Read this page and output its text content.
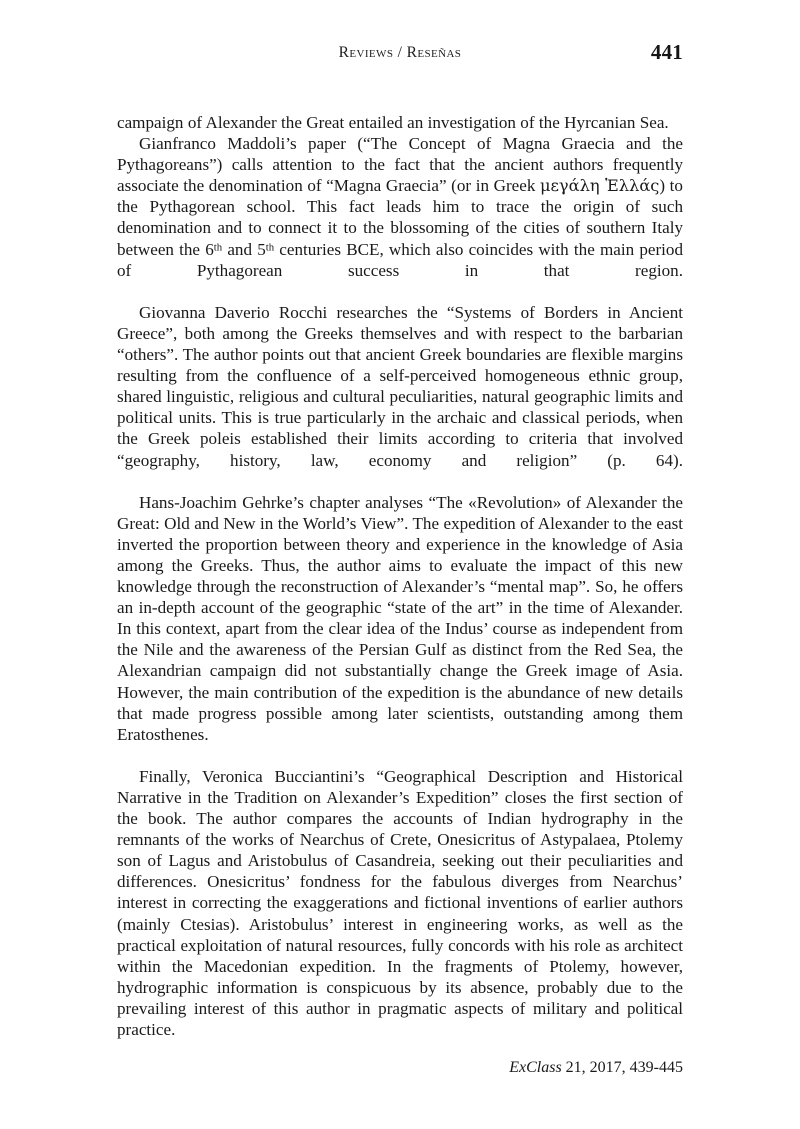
Reviews / Reseñas	441

campaign of Alexander the Great entailed an investigation of the Hyrcanian Sea.

Gianfranco Maddoli’s paper (“The Concept of Magna Graecia and the Pythagoreans”) calls attention to the fact that the ancient authors frequently associate the denomination of “Magna Graecia” (or in Greek μεγάλη Ἑλλάς) to the Pythagorean school. This fact leads him to trace the origin of such denomination and to connect it to the blossoming of the cities of southern Italy between the 6th and 5th centuries BCE, which also coincides with the main period of Pythagorean success in that region.

Giovanna Daverio Rocchi researches the “Systems of Borders in Ancient Greece”, both among the Greeks themselves and with respect to the barbarian “others”. The author points out that ancient Greek boundaries are flexible margins resulting from the confluence of a self-perceived homogeneous ethnic group, shared linguistic, religious and cultural peculiarities, natural geographic limits and political units. This is true particularly in the archaic and classical periods, when the Greek poleis established their limits according to criteria that involved “geography, history, law, economy and religion” (p. 64).

Hans-Joachim Gehrke’s chapter analyses “The «Revolution» of Alexander the Great: Old and New in the World’s View”. The expedition of Alexander to the east inverted the proportion between theory and experience in the knowledge of Asia among the Greeks. Thus, the author aims to evaluate the impact of this new knowledge through the reconstruction of Alexander’s “mental map”. So, he offers an in-depth account of the geographic “state of the art” in the time of Alexander. In this context, apart from the clear idea of the Indus’ course as independent from the Nile and the awareness of the Persian Gulf as distinct from the Red Sea, the Alexandrian campaign did not substantially change the Greek image of Asia. However, the main contribution of the expedition is the abundance of new details that made progress possible among later scientists, outstanding among them Eratosthenes.

Finally, Veronica Bucciantini’s “Geographical Description and Historical Narrative in the Tradition on Alexander’s Expedition” closes the first section of the book. The author compares the accounts of Indian hydrography in the remnants of the works of Nearchus of Crete, Onesicritus of Astypalaea, Ptolemy son of Lagus and Aristobulus of Casandreia, seeking out their peculiarities and differences. Onesicritus’ fondness for the fabulous diverges from Nearchus’ interest in correcting the exaggerations and fictional inventions of earlier authors (mainly Ctesias). Aristobulus’ interest in engineering works, as well as the practical exploitation of natural resources, fully concords with his role as architect within the Macedonian expedition. In the fragments of Ptolemy, however, hydrographic information is conspicuous by its absence, probably due to the prevailing interest of this author in pragmatic aspects of military and political practice.

ExClass 21, 2017, 439-445
